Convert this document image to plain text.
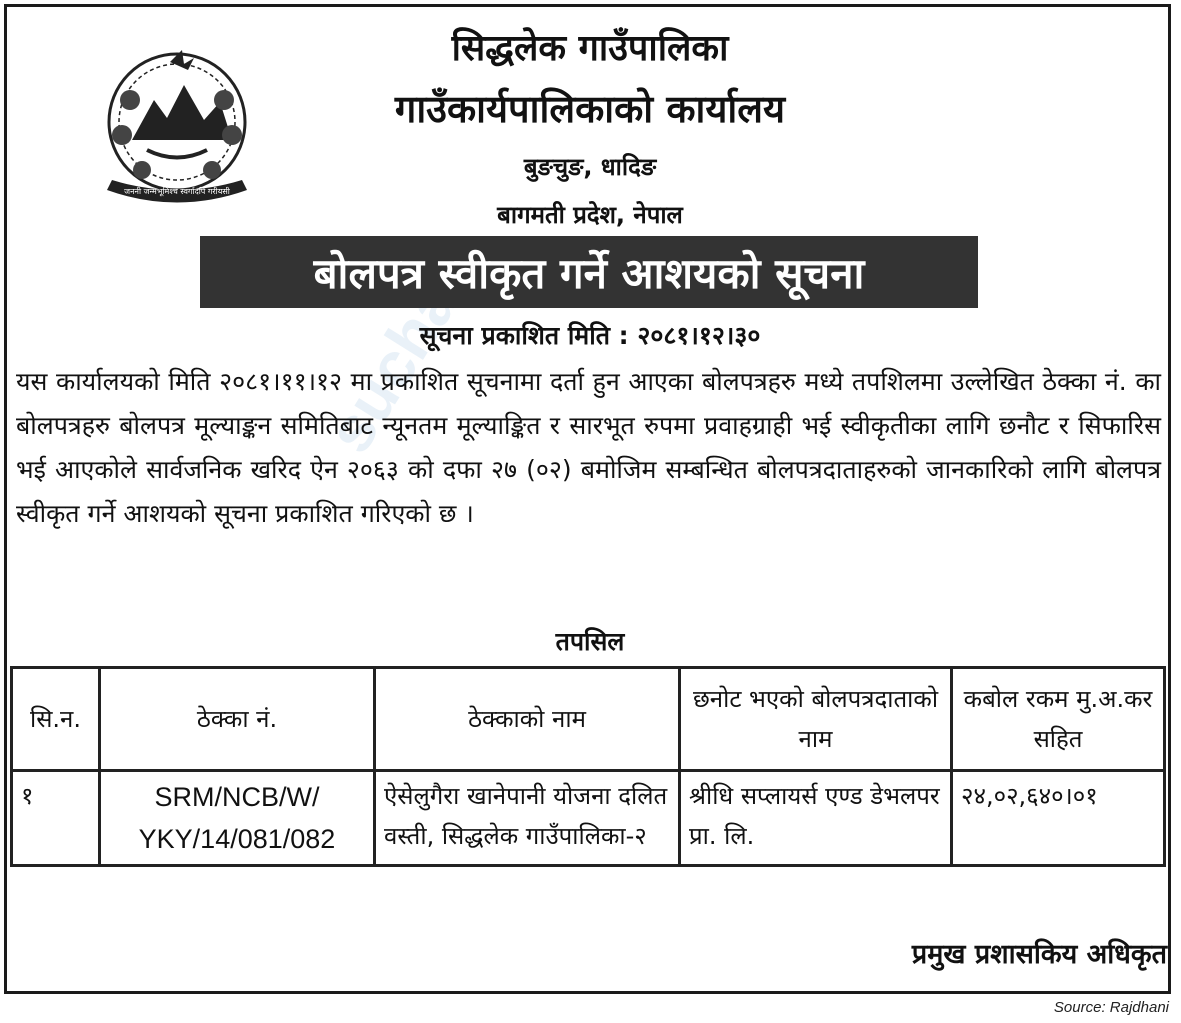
sucha
जननी जन्मभूमिश्च स्वर्गादपि गरीयसी
सिद्धलेक गाउँपालिका
गाउँकार्यपालिकाको कार्यालय
बुङचुङ, धादिङ
बागमती प्रदेश, नेपाल
बोलपत्र स्वीकृत गर्ने आशयको सूचना
सूचना प्रकाशित मिति : २०८१।१२।३०
यस कार्यालयको मिति २०८१।११।१२ मा प्रकाशित सूचनामा दर्ता हुन आएका बोलपत्रहरु मध्ये तपशिलमा उल्लेखित ठेक्का नं. का बोलपत्रहरु बोलपत्र मूल्याङ्कन समितिबाट न्यूनतम मूल्याङ्कित र सारभूत रुपमा प्रवाहग्राही भई स्वीकृतीका लागि छनौट र सिफारिस भई आएकोले सार्वजनिक खरिद ऐन २०६३ को दफा २७ (०२) बमोजिम सम्बन्धित बोलपत्रदाताहरुको जानकारिको लागि बोलपत्र स्वीकृत गर्ने आशयको सूचना प्रकाशित गरिएको छ ।
तपसिल
सि.न.	ठेक्का नं.	ठेक्काको नाम	छनोट भएको बोलपत्रदाताको नाम	कबोल रकम मु.अ.कर सहित
१	SRM/NCB/W/ YKY/14/081/082	ऐसेलुगैरा खानेपानी योजना दलित वस्ती, सिद्धलेक गाउँपालिका-२	श्रीधि सप्लायर्स एण्ड डेभलपर प्रा. लि.	२४,०२,६४०।०१
प्रमुख प्रशासकिय अधिकृत
Source: Rajdhani
